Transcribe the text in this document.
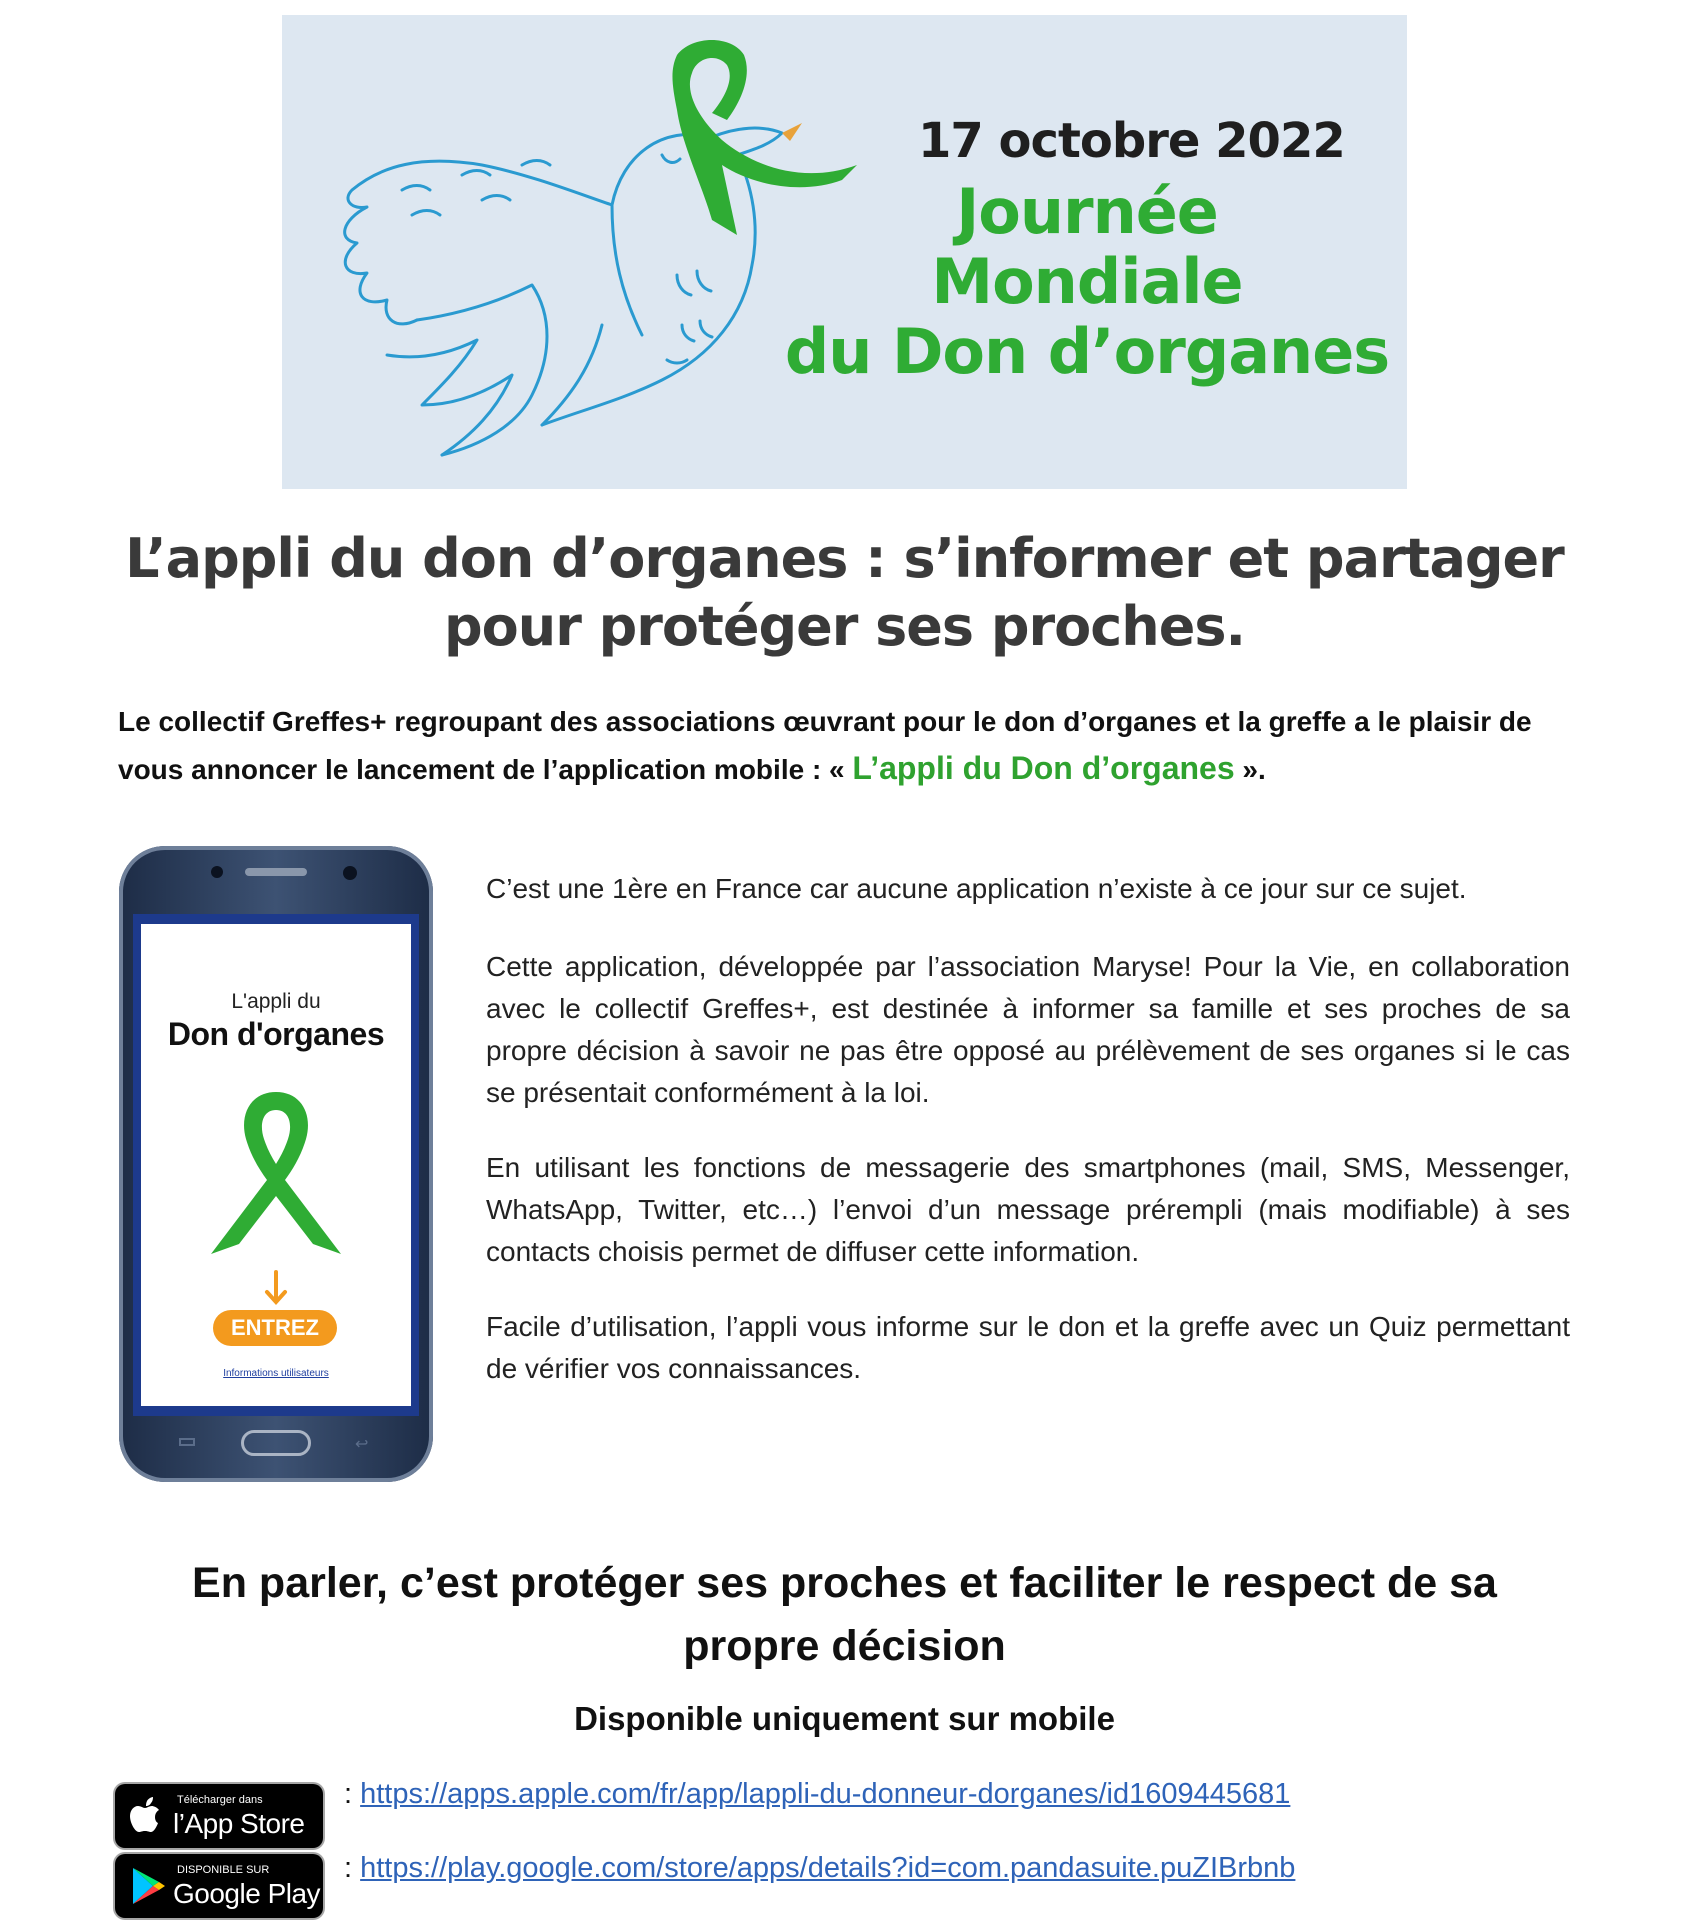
17 octobre 2022
Journée
Mondiale
du Don d’organes
L’appli du don d’organes : s’informer et partager
pour protéger ses proches.
Le collectif Greffes+ regroupant des associations œuvrant pour le don d’organes et la greffe a le plaisir de vous annoncer le lancement de l’application mobile : « L’appli du Don d’organes ».
L'appli du
Don d'organes
ENTREZ
Informations utilisateurs
↩
C’est une 1ère en France car aucune application n’existe à ce jour sur ce sujet.
Cette application, développée par l’association Maryse! Pour la Vie, en collaboration avec le collectif Greffes+, est destinée à informer sa famille et ses proches de sa propre décision à savoir ne pas être opposé au prélèvement de ses organes si le cas se présentait conformément à la loi.
En utilisant les fonctions de messagerie des smartphones (mail, SMS, Messenger, WhatsApp, Twitter, etc…) l’envoi d’un message prérempli (mais modifiable) à ses contacts choisis permet de diffuser cette information.
Facile d’utilisation, l’appli vous informe sur le don et la greffe avec un Quiz permettant de vérifier vos connaissances.
En parler, c’est protéger ses proches et faciliter le respect de sa
propre décision
Disponible uniquement sur mobile
Télécharger dans
l’App Store
: https://apps.apple.com/fr/app/lappli-du-donneur-dorganes/id1609445681
DISPONIBLE SUR
Google Play
: https://play.google.com/store/apps/details?id=com.pandasuite.puZIBrbnb
